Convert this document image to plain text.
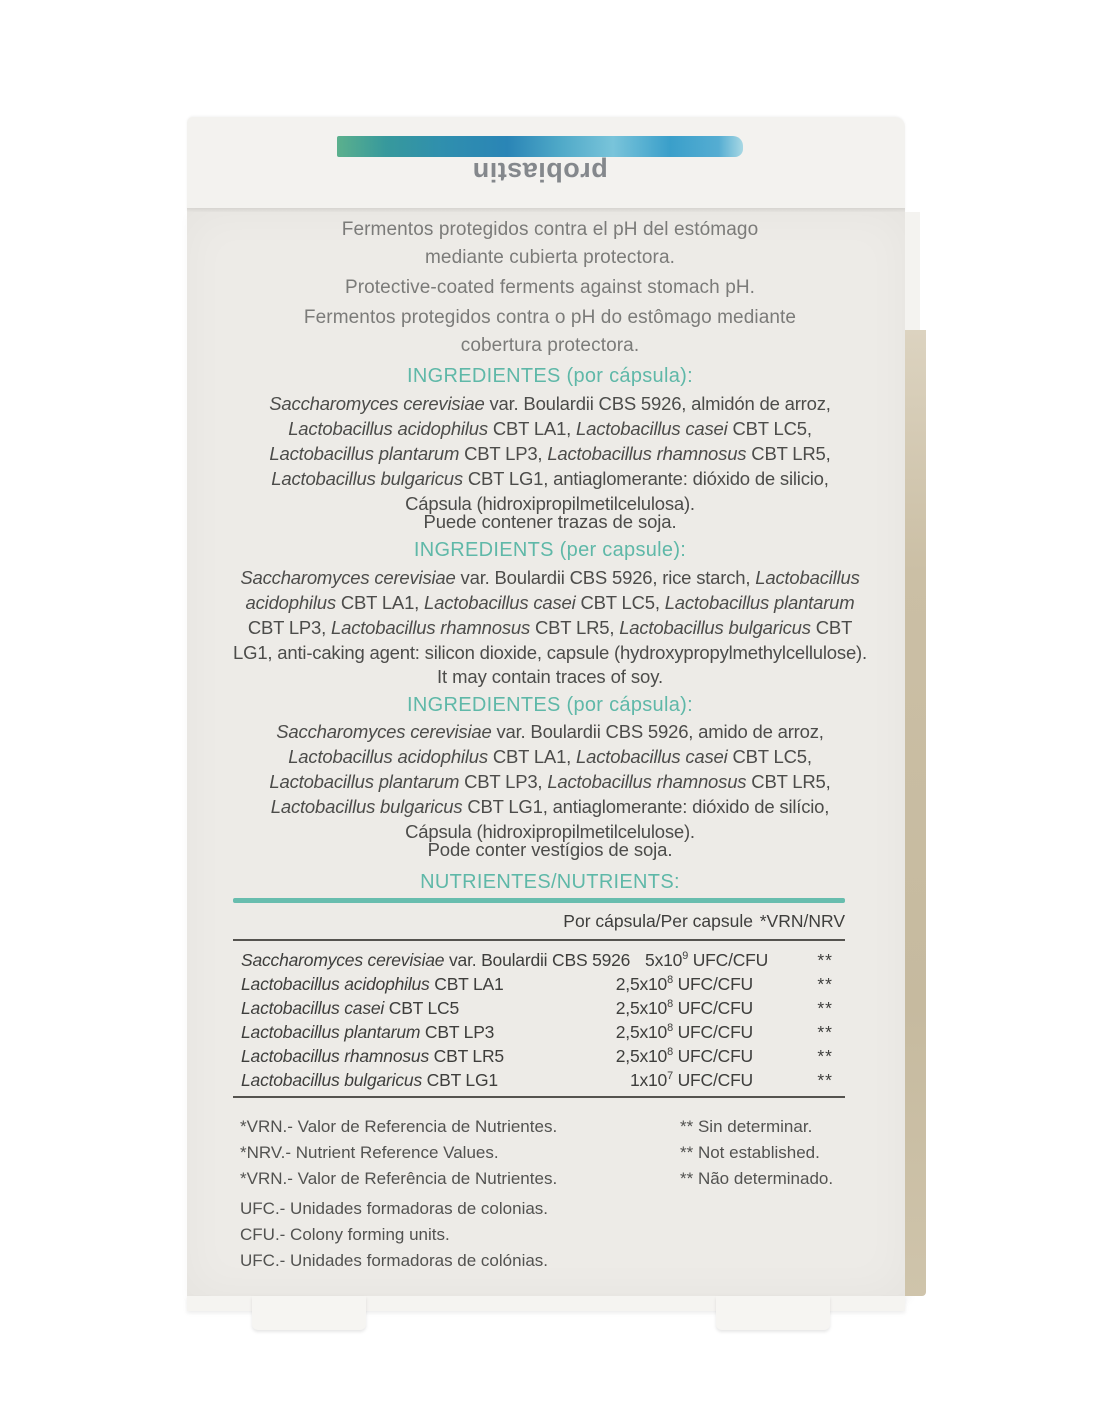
probiastin
Fermentos protegidos contra el pH del estómago mediante cubierta protectora.
Protective-coated ferments against stomach pH.
Fermentos protegidos contra o pH do estômago mediante cobertura protectora.
INGREDIENTES (por cápsula):
Saccharomyces cerevisiae var. Boulardii CBS 5926, almidón de arroz, Lactobacillus acidophilus CBT LA1, Lactobacillus casei CBT LC5, Lactobacillus plantarum CBT LP3, Lactobacillus rhamnosus CBT LR5, Lactobacillus bulgaricus CBT LG1, antiaglomerante: dióxido de silicio, Cápsula (hidroxipropilmetilcelulosa).
Puede contener trazas de soja.
INGREDIENTS (per capsule):
Saccharomyces cerevisiae var. Boulardii CBS 5926, rice starch, Lactobacillus acidophilus CBT LA1, Lactobacillus casei CBT LC5, Lactobacillus plantarum CBT LP3, Lactobacillus rhamnosus CBT LR5, Lactobacillus bulgaricus CBT LG1, anti-caking agent: silicon dioxide, capsule (hydroxypropylmethylcellulose).
It may contain traces of soy.
INGREDIENTES (por cápsula):
Saccharomyces cerevisiae var. Boulardii CBS 5926, amido de arroz, Lactobacillus acidophilus CBT LA1, Lactobacillus casei CBT LC5, Lactobacillus plantarum CBT LP3, Lactobacillus rhamnosus CBT LR5, Lactobacillus bulgaricus CBT LG1, antiaglomerante: dióxido de silício, Cápsula (hidroxipropilmetilcelulose).
Pode conter vestígios de soja.
NUTRIENTES/NUTRIENTS:
Por cápsula/Per capsule *VRN/NRV
Saccharomyces cerevisiae var. Boulardii CBS 5926 $5x10^9$ UFC/CFU	**
Lactobacillus acidophilus CBT LA1	$2,5x10^8$ UFC/CFU	**
Lactobacillus casei CBT LC5	$2,5x10^8$ UFC/CFU	**
Lactobacillus plantarum CBT LP3	$2,5x10^8$ UFC/CFU	**
Lactobacillus rhamnosus CBT LR5	$2,5x10^8$ UFC/CFU	**
Lactobacillus bulgaricus CBT LG1	$1x10^7$ UFC/CFU	**
*VRN.- Valor de Referencia de Nutrientes.	** Sin determinar.
*NRV.- Nutrient Reference Values.	** Not established.
*VRN.- Valor de Referência de Nutrientes.	** Não determinado.
UFC.- Unidades formadoras de colonias.
CFU.- Colony forming units.
UFC.- Unidades formadoras de colónias.
